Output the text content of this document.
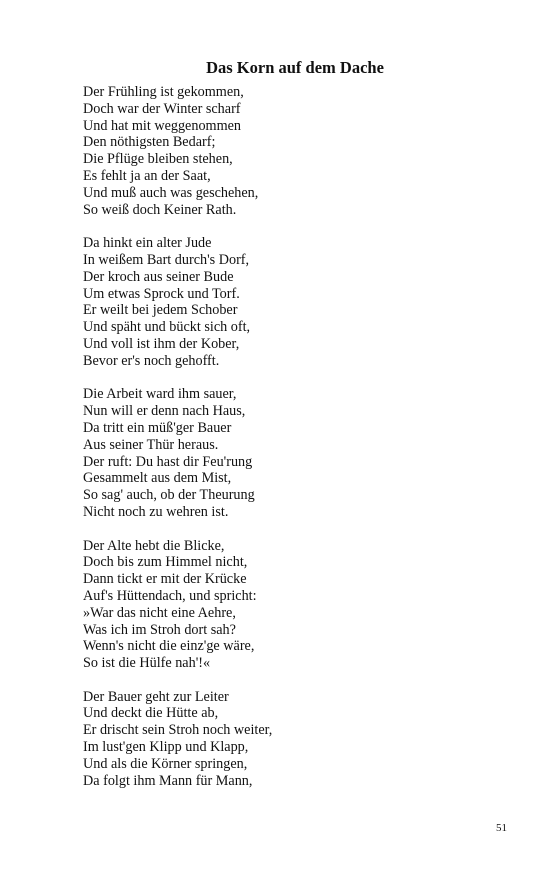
Das Korn auf dem Dache
Der Frühling ist gekommen,
Doch war der Winter scharf
Und hat mit weggenommen
Den nöthigsten Bedarf;
Die Pflüge bleiben stehen,
Es fehlt ja an der Saat,
Und muß auch was geschehen,
So weiß doch Keiner Rath.
Da hinkt ein alter Jude
In weißem Bart durch's Dorf,
Der kroch aus seiner Bude
Um etwas Sprock und Torf.
Er weilt bei jedem Schober
Und späht und bückt sich oft,
Und voll ist ihm der Kober,
Bevor er's noch gehofft.
Die Arbeit ward ihm sauer,
Nun will er denn nach Haus,
Da tritt ein müß'ger Bauer
Aus seiner Thür heraus.
Der ruft: Du hast dir Feu'rung
Gesammelt aus dem Mist,
So sag' auch, ob der Theurung
Nicht noch zu wehren ist.
Der Alte hebt die Blicke,
Doch bis zum Himmel nicht,
Dann tickt er mit der Krücke
Auf's Hüttendach, und spricht:
»War das nicht eine Aehre,
Was ich im Stroh dort sah?
Wenn's nicht die einz'ge wäre,
So ist die Hülfe nah'!«
Der Bauer geht zur Leiter
Und deckt die Hütte ab,
Er drischt sein Stroh noch weiter,
Im lust'gen Klipp und Klapp,
Und als die Körner springen,
Da folgt ihm Mann für Mann,
51
